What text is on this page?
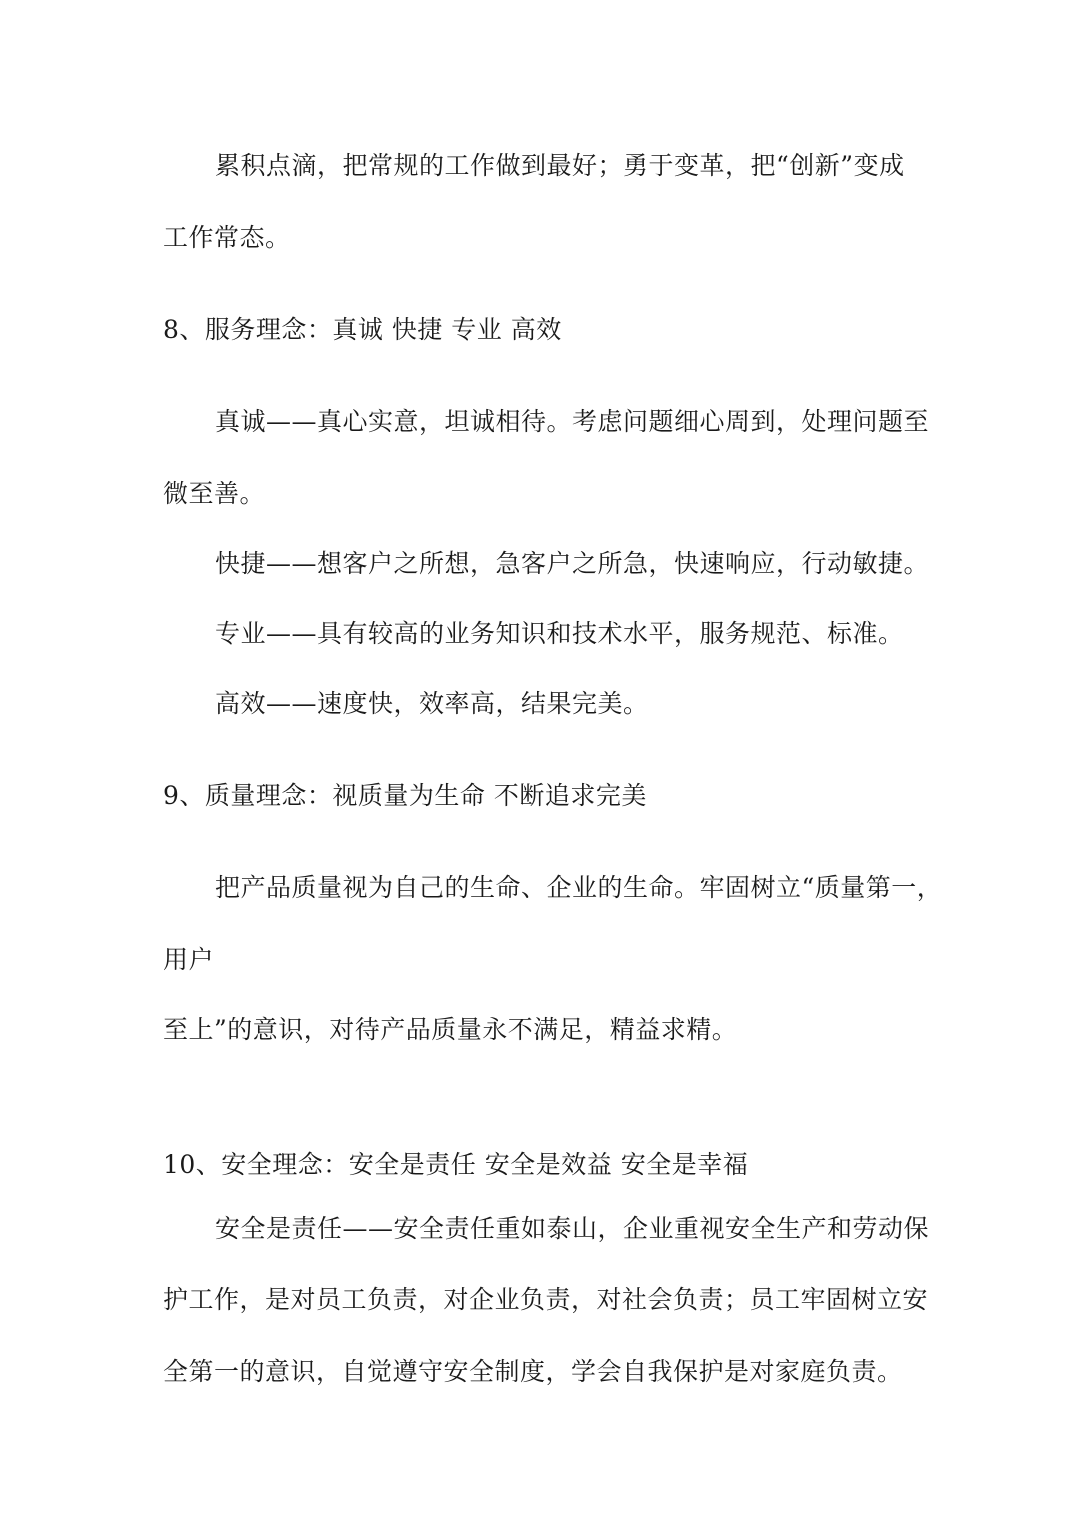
累积点滴，把常规的工作做到最好；勇于变革，把“创新”变成
工作常态。
8、服务理念：真诚 快捷 专业 高效
真诚——真心实意，坦诚相待。考虑问题细心周到，处理问题至
微至善。
快捷——想客户之所想，急客户之所急，快速响应，行动敏捷。
专业——具有较高的业务知识和技术水平，服务规范、标准。
高效——速度快，效率高，结果完美。
9、质量理念：视质量为生命 不断追求完美
把产品质量视为自己的生命、企业的生命。牢固树立“质量第一，
用户
至上”的意识，对待产品质量永不满足，精益求精。
10、安全理念：安全是责任 安全是效益 安全是幸福
安全是责任——安全责任重如泰山，企业重视安全生产和劳动保
护工作，是对员工负责，对企业负责，对社会负责；员工牢固树立安
全第一的意识，自觉遵守安全制度，学会自我保护是对家庭负责。
